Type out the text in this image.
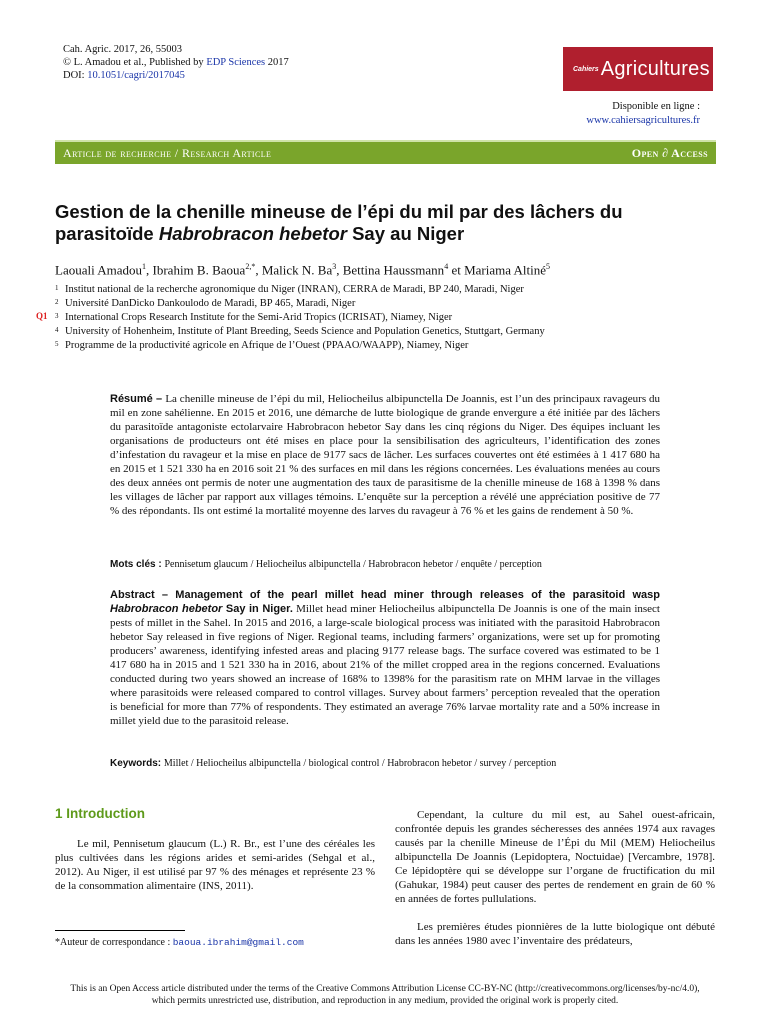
Cah. Agric. 2017, 26, 55003
© L. Amadou et al., Published by EDP Sciences 2017
DOI: 10.1051/cagri/2017045
Cahiers Agricultures
Disponible en ligne :
www.cahiersagricultures.fr
Article de recherche / Research Article	Open ∂ Access
Gestion de la chenille mineuse de l’épi du mil par des lâchers du parasitoïde Habrobracon hebetor Say au Niger
Laouali Amadou$^1$, Ibrahim B. Baoua$^{2,*}$, Malick N. Ba$^3$, Bettina Haussmann$^4$ et Mariama Altiné$^5$
Q1
1 Institut national de la recherche agronomique du Niger (INRAN), CERRA de Maradi, BP 240, Maradi, Niger
2 Université DanDicko Dankoulodo de Maradi, BP 465, Maradi, Niger
3 International Crops Research Institute for the Semi-Arid Tropics (ICRISAT), Niamey, Niger
4 University of Hohenheim, Institute of Plant Breeding, Seeds Science and Population Genetics, Stuttgart, Germany
5 Programme de la productivité agricole en Afrique de l’Ouest (PPAAO/WAAPP), Niamey, Niger
Résumé – La chenille mineuse de l’épi du mil, Heliocheilus albipunctella De Joannis, est l’un des principaux ravageurs du mil en zone sahélienne. En 2015 et 2016, une démarche de lutte biologique de grande envergure a été initiée par des lâchers du parasitoïde antagoniste ectolarvaire Habrobracon hebetor Say dans les cinq régions du Niger. Des équipes incluant les organisations de producteurs ont été mises en place pour la sensibilisation des agriculteurs, l’identification des zones d’infestation du ravageur et la mise en place de 9177 sacs de lâcher. Les surfaces couvertes ont été estimées à 1 417 680 ha en 2015 et 1 521 330 ha en 2016 soit 21 % des surfaces en mil dans les régions concernées. Les évaluations menées au cours des deux années ont permis de noter une augmentation des taux de parasitisme de la chenille mineuse de 168 à 1398 % dans les villages de lâcher par rapport aux villages témoins. L’enquête sur la perception a révélé une appréciation positive de 77 % des répondants. Ils ont estimé la mortalité moyenne des larves du ravageur à 76 % et les gains de rendement à 50 %.
Mots clés : Pennisetum glaucum / Heliocheilus albipunctella / Habrobracon hebetor / enquête / perception
Abstract – Management of the pearl millet head miner through releases of the parasitoid wasp Habrobracon hebetor Say in Niger. Millet head miner Heliocheilus albipunctella De Joannis is one of the main insect pests of millet in the Sahel. In 2015 and 2016, a large-scale biological process was initiated with the parasitoid Habrobracon hebetor Say released in five regions of Niger. Regional teams, including farmers’ organizations, were set up for promoting producers’ awareness, identifying infested areas and placing 9177 release bags. The surface covered was estimated to be 1 417 680 ha in 2015 and 1 521 330 ha in 2016, about 21% of the millet cropped area in the regions concerned. Evaluations conducted during two years showed an increase of 168% to 1398% for the parasitism rate on MHM larvae in the villages where parasitoids were released compared to control villages. Survey about farmers’ perception revealed that the operation is beneficial for more than 77% of respondents. They estimated an average 76% larvae mortality rate and a 50% increase in millet yield due to the parasitoid release.
Keywords: Millet / Heliocheilus albipunctella / biological control / Habrobracon hebetor / survey / perception
1 Introduction
Le mil, Pennisetum glaucum (L.) R. Br., est l’une des céréales les plus cultivées dans les régions arides et semi-arides (Sehgal et al., 2012). Au Niger, il est utilisé par 97 % des ménages et représente 23 % de la consommation alimentaire (INS, 2011).
Cependant, la culture du mil est, au Sahel ouest-africain, confrontée depuis les grandes sécheresses des années 1974 aux ravages causés par la chenille Mineuse de l’Épi du Mil (MEM) Heliocheilus albipunctella De Joannis (Lepidoptera, Noctuidae) [Vercambre, 1978]. Ce lépidoptère qui se développe sur l’organe de fructification du mil (Gahukar, 1984) peut causer des pertes de rendement en grain de 60 % en années de fortes pullulations.
Les premières études pionnières de la lutte biologique ont débuté dans les années 1980 avec l’inventaire des prédateurs,
*Auteur de correspondance : baoua.ibrahim@gmail.com
This is an Open Access article distributed under the terms of the Creative Commons Attribution License CC-BY-NC (http://creativecommons.org/licenses/by-nc/4.0),
which permits unrestricted use, distribution, and reproduction in any medium, provided the original work is properly cited.
